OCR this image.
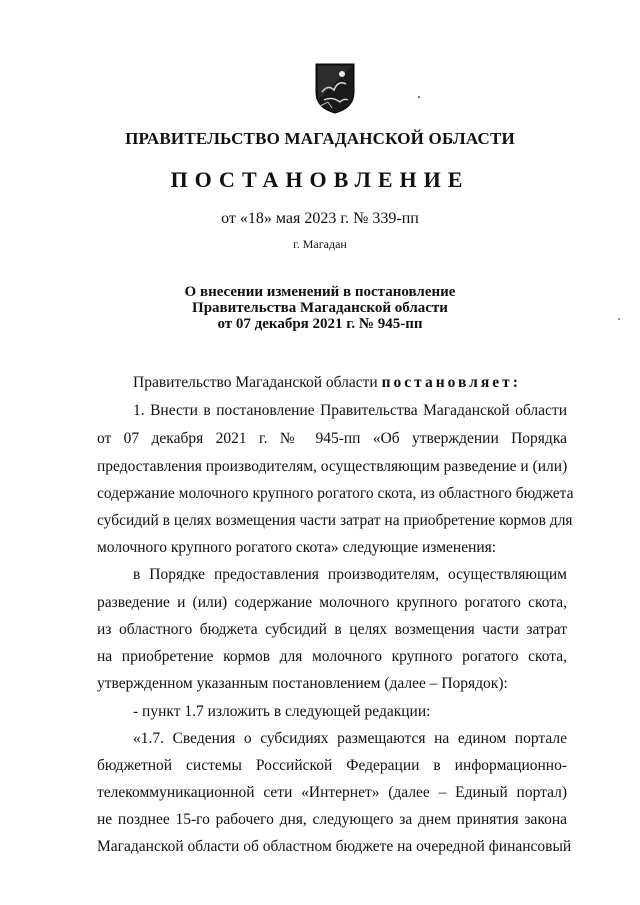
ПРАВИТЕЛЬСТВО МАГАДАНСКОЙ ОБЛАСТИ
ПОСТАНОВЛЕНИЕ
от «18» мая 2023 г. № 339-пп
г. Магадан
О внесении изменений в постановление
Правительства Магаданской области
от 07 декабря 2021 г. № 945-пп
Правительство Магаданской области постановляет:
1. Внести в постановление Правительства Магаданской области
от 07 декабря 2021 г. № 945-пп «Об утверждении Порядка
предоставления производителям, осуществляющим разведение и (или)
содержание молочного крупного рогатого скота, из областного бюджета
субсидий в целях возмещения части затрат на приобретение кормов для
молочного крупного рогатого скота» следующие изменения:
в Порядке предоставления производителям, осуществляющим
разведение и (или) содержание молочного крупного рогатого скота,
из областного бюджета субсидий в целях возмещения части затрат
на приобретение кормов для молочного крупного рогатого скота,
утвержденном указанным постановлением (далее – Порядок):
- пункт 1.7 изложить в следующей редакции:
«1.7. Сведения о субсидиях размещаются на едином портале
бюджетной системы Российской Федерации в информационно-
телекоммуникационной сети «Интернет» (далее – Единый портал)
не позднее 15-го рабочего дня, следующего за днем принятия закона
Магаданской области об областном бюджете на очередной финансовый
